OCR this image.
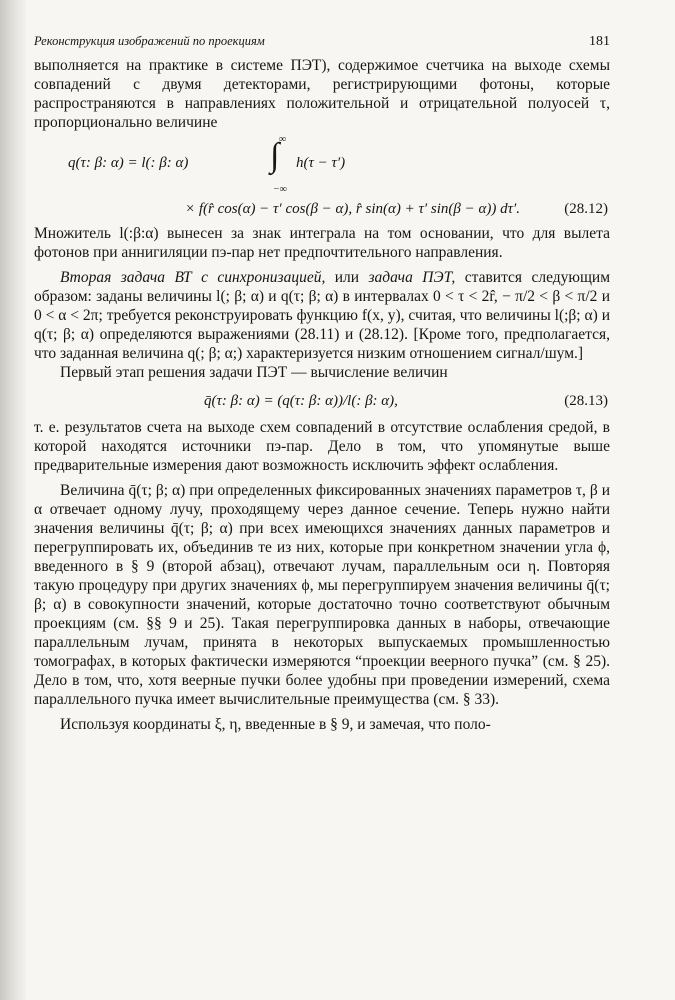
Реконструкция изображений по проекциям	181

выполняется на практике в системе ПЭТ), содержимое счетчика на выходе схемы совпадений с двумя детекторами, регистрирующими фотоны, которые распространяются в направлениях положительной и отрицательной полуосей τ, пропорционально величине

q(τ: β: α) = l(: β: α)
∞
∫
−∞
h(τ − τ′)
× f(r̂ cos(α) − τ′ cos(β − α), r̂ sin(α) + τ′ sin(β − α)) dτ′.	(28.12)

Множитель l(:β:α) вынесен за знак интеграла на том основании, что для вылета фотонов при аннигиляции пэ-пар нет предпочтительного направления.

Вторая задача ВТ с синхронизацией, или задача ПЭТ, ставится следующим образом: заданы величины l(; β; α) и q(τ; β; α) в интервалах 0 < τ < 2r̂, − π/2 < β < π/2 и 0 < α < 2π; требуется реконструировать функцию f(x, y), считая, что величины l(;β; α) и q(τ; β; α) определяются выражениями (28.11) и (28.12). [Кроме того, предполагается, что заданная величина q(; β; α;) характеризуется низким отношением сигнал/шум.]

Первый этап решения задачи ПЭТ — вычисление величин

q̄(τ: β: α) = (q(τ: β: α))/l(: β: α),	(28.13)

т. е. результатов счета на выходе схем совпадений в отсутствие ослабления средой, в которой находятся источники пэ-пар. Дело в том, что упомянутые выше предварительные измерения дают возможность исключить эффект ослабления.

Величина q̄(τ; β; α) при определенных фиксированных значениях параметров τ, β и α отвечает одному лучу, проходящему через данное сечение. Теперь нужно найти значения величины q̄(τ; β; α) при всех имеющихся значениях данных параметров и перегруппировать их, объединив те из них, которые при конкретном значении угла ϕ, введенного в § 9 (второй абзац), отвечают лучам, параллельным оси η. Повторяя такую процедуру при других значениях ϕ, мы перегруппируем значения величины q̄(τ; β; α) в совокупности значений, которые достаточно точно соответствуют обычным проекциям (см. §§ 9 и 25). Такая перегруппировка данных в наборы, отвечающие параллельным лучам, принята в некоторых выпускаемых промышленностью томографах, в которых фактически измеряются “проекции веерного пучка” (см. § 25). Дело в том, что, хотя веерные пучки более удобны при проведении измерений, схема параллельного пучка имеет вычислительные преимущества (см. § 33).

Используя координаты ξ, η, введенные в § 9, и замечая, что поло-
